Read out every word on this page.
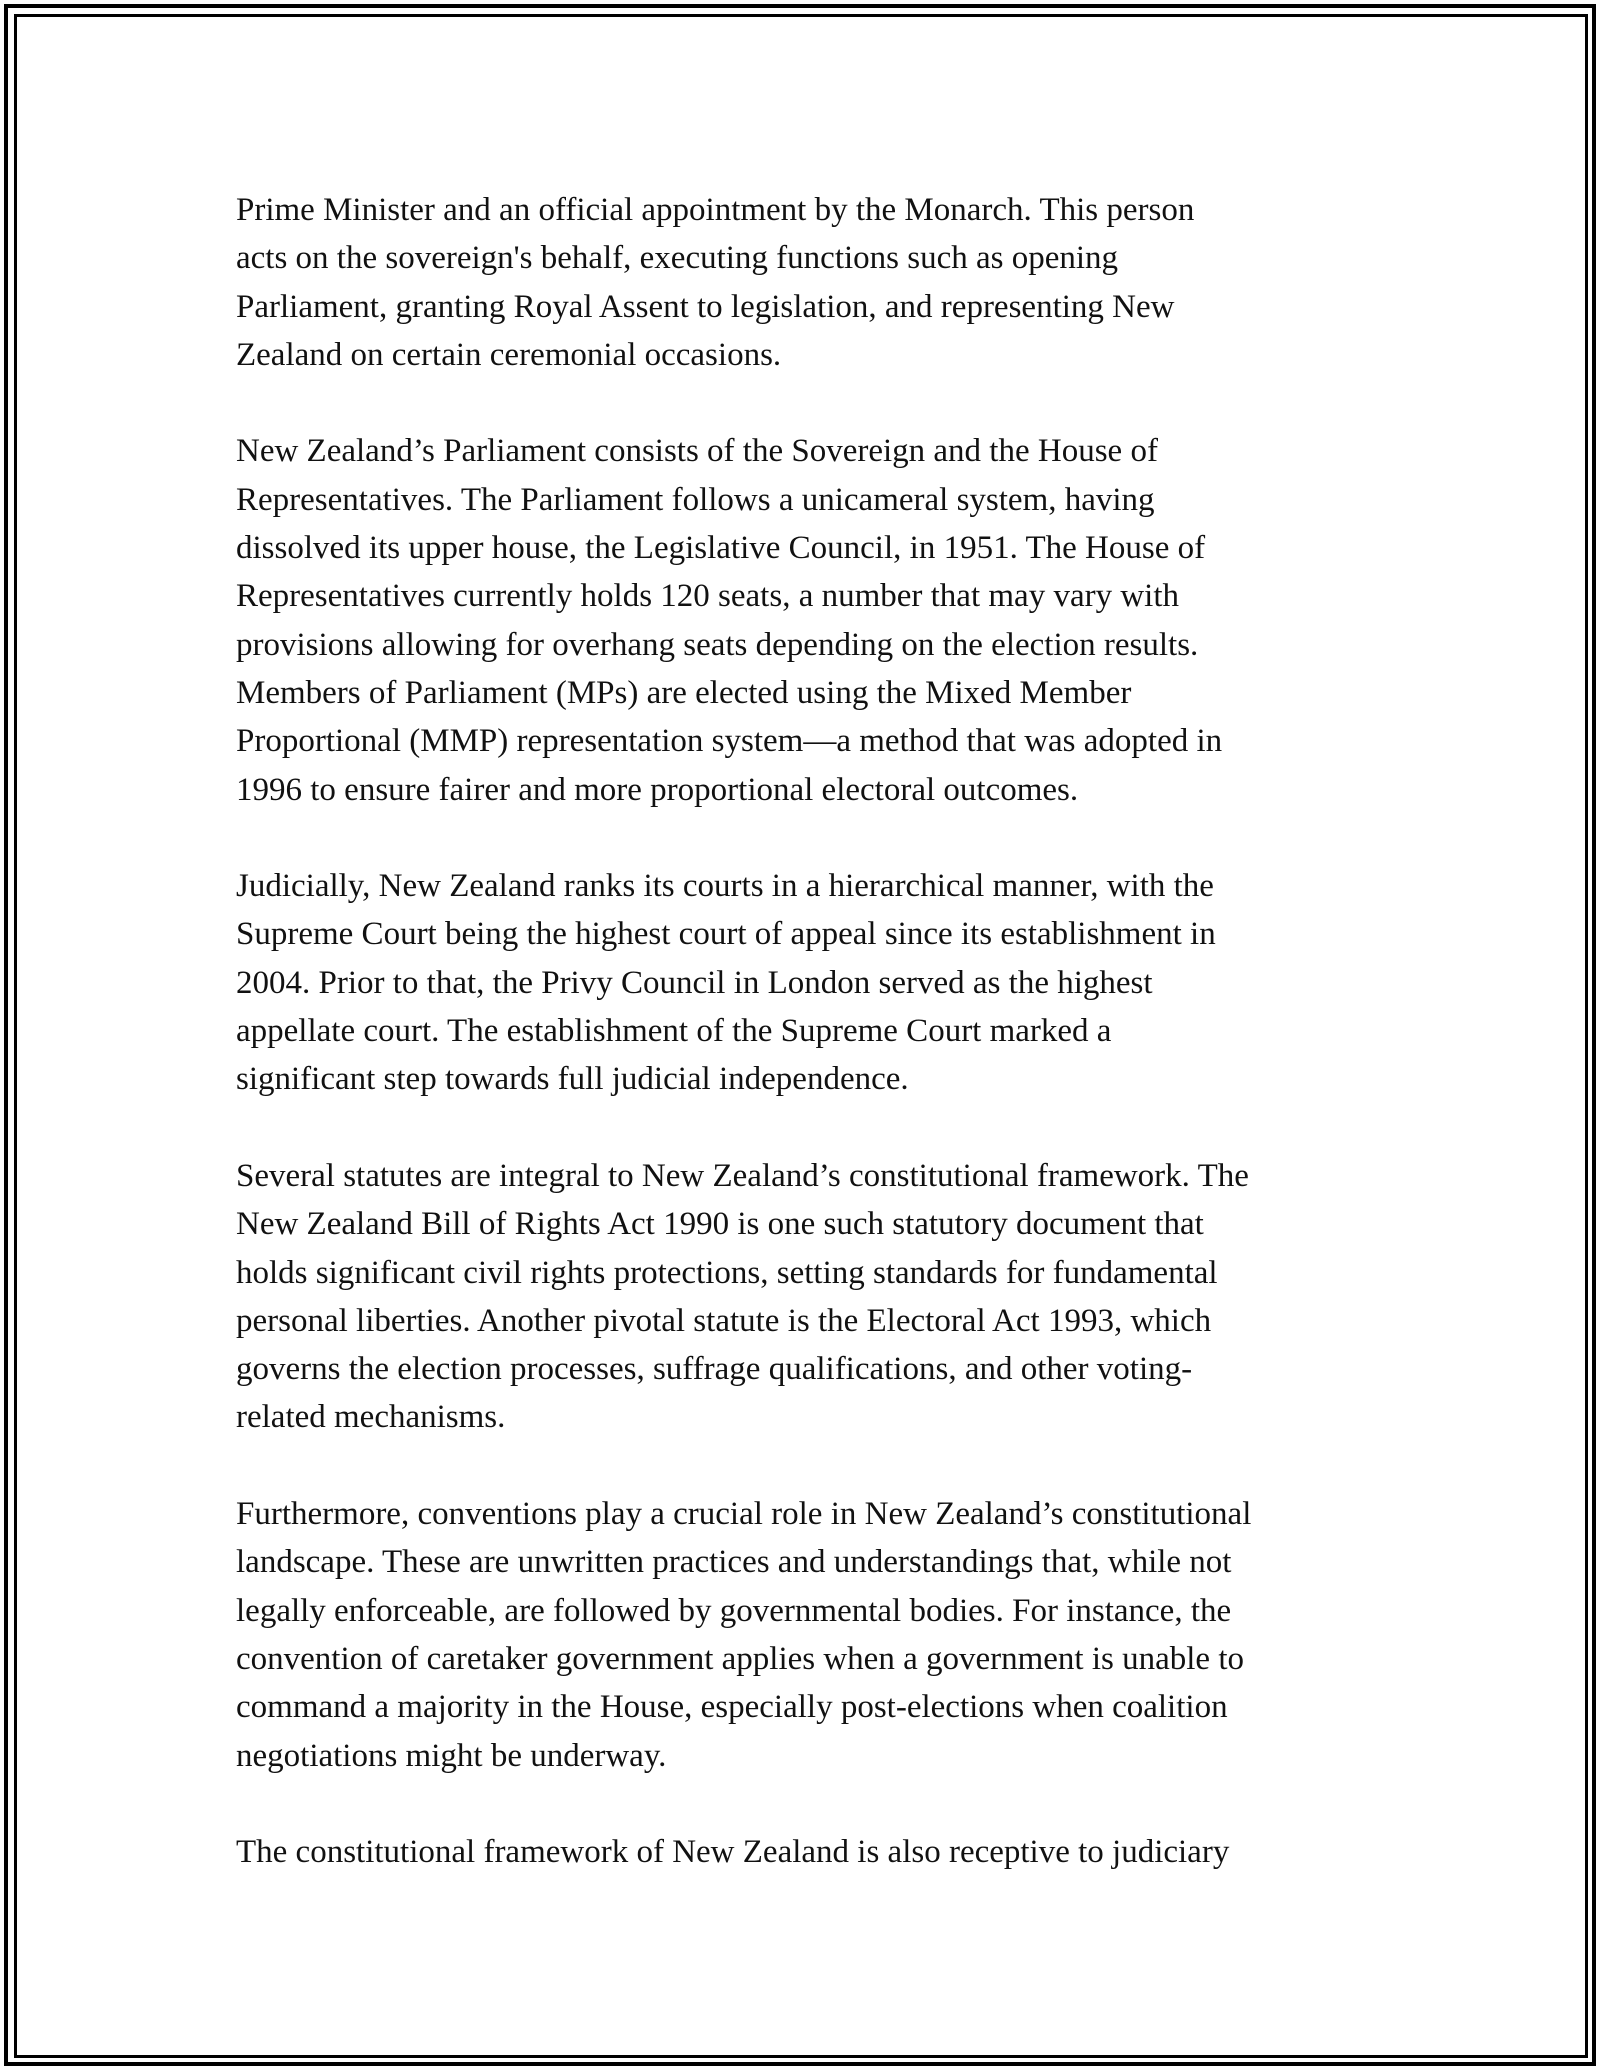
Prime Minister and an official appointment by the Monarch. This person
acts on the sovereign's behalf, executing functions such as opening
Parliament, granting Royal Assent to legislation, and representing New
Zealand on certain ceremonial occasions.

New Zealand’s Parliament consists of the Sovereign and the House of
Representatives. The Parliament follows a unicameral system, having
dissolved its upper house, the Legislative Council, in 1951. The House of
Representatives currently holds 120 seats, a number that may vary with
provisions allowing for overhang seats depending on the election results.
Members of Parliament (MPs) are elected using the Mixed Member
Proportional (MMP) representation system—a method that was adopted in
1996 to ensure fairer and more proportional electoral outcomes.

Judicially, New Zealand ranks its courts in a hierarchical manner, with the
Supreme Court being the highest court of appeal since its establishment in
2004. Prior to that, the Privy Council in London served as the highest
appellate court. The establishment of the Supreme Court marked a
significant step towards full judicial independence.

Several statutes are integral to New Zealand’s constitutional framework. The
New Zealand Bill of Rights Act 1990 is one such statutory document that
holds significant civil rights protections, setting standards for fundamental
personal liberties. Another pivotal statute is the Electoral Act 1993, which
governs the election processes, suffrage qualifications, and other voting-
related mechanisms.

Furthermore, conventions play a crucial role in New Zealand’s constitutional
landscape. These are unwritten practices and understandings that, while not
legally enforceable, are followed by governmental bodies. For instance, the
convention of caretaker government applies when a government is unable to
command a majority in the House, especially post-elections when coalition
negotiations might be underway.

The constitutional framework of New Zealand is also receptive to judiciary
